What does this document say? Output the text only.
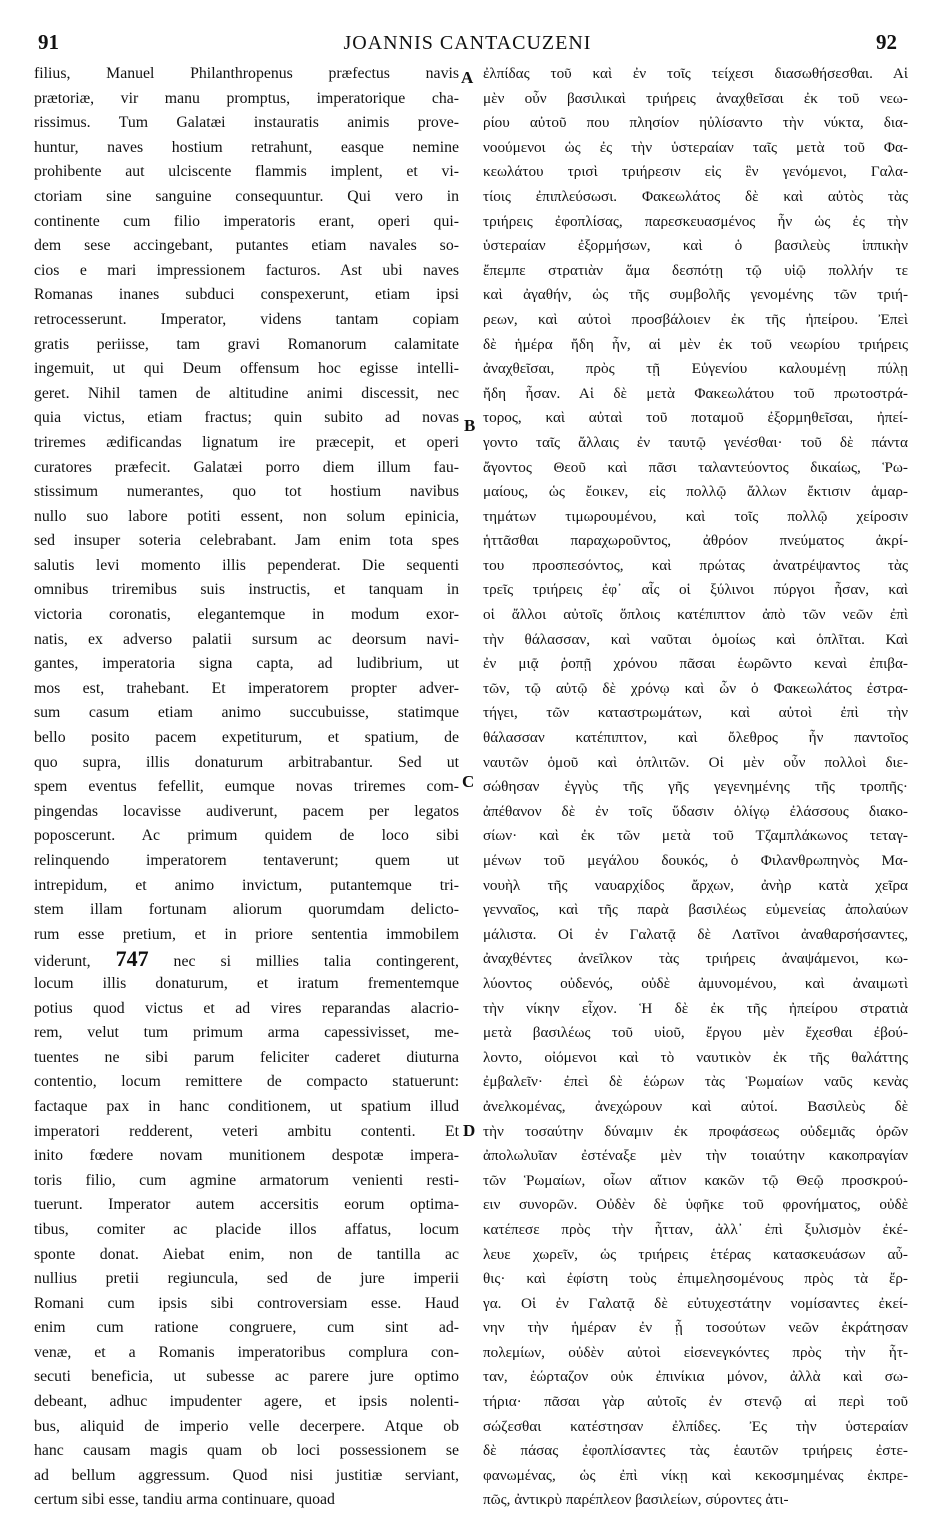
91	JOANNIS CANTACUZENI	92
filius, Manuel Philanthropenus præfectus navis
prætoriæ, vir manu promptus, imperatorique cha-
rissimus. Tum Galatæi instauratis animis prove-
huntur, naves hostium retrahunt, easque nemine
prohibente aut ulciscente flammis implent, et vi-
ctoriam sine sanguine consequuntur. Qui vero in
continente cum filio imperatoris erant, operi qui-
dem sese accingebant, putantes etiam navales so-
cios e mari impressionem facturos. Ast ubi naves
Romanas inanes subduci conspexerunt, etiam ipsi
retrocesserunt. Imperator, videns tantam copiam
gratis periisse, tam gravi Romanorum calamitate
ingemuit, ut qui Deum offensum hoc egisse intelli-
geret. Nihil tamen de altitudine animi discessit, nec
quia victus, etiam fractus; quin subito ad novas
triremes ædificandas lignatum ire præcepit, et operi
curatores præfecit. Galatæi porro diem illum fau-
stissimum numerantes, quo tot hostium navibus
nullo suo labore potiti essent, non solum epinicia,
sed insuper soteria celebrabant. Jam enim tota spes
salutis levi momento illis pependerat. Die sequenti
omnibus triremibus suis instructis, et tanquam in
victoria coronatis, elegantemque in modum exor-
natis, ex adverso palatii sursum ac deorsum navi-
gantes, imperatoria signa capta, ad ludibrium, ut
mos est, trahebant. Et imperatorem propter adver-
sum casum etiam animo succubuisse, statimque
bello posito pacem expetiturum, et spatium, de
quo supra, illis donaturum arbitrabantur. Sed ut
spem eventus fefellit, eumque novas triremes com-
pingendas locavisse audiverunt, pacem per legatos
poposcerunt. Ac primum quidem de loco sibi
relinquendo imperatorem tentaverunt; quem ut
intrepidum, et animo invictum, putantemque tri-
stem illam fortunam aliorum quorumdam delicto-
rum esse pretium, et in priore sententia immobilem
viderunt, 747 nec si millies talia contingerent,
locum illis donaturum, et iratum frementemque
potius quod victus et ad vires reparandas alacrio-
rem, velut tum primum arma capessivisset, me-
tuentes ne sibi parum feliciter caderet diuturna
contentio, locum remittere de compacto statuerunt:
factaque pax in hanc conditionem, ut spatium illud
imperatori redderent, veteri ambitu contenti. Et
inito fœdere novam munitionem despotæ impera-
toris filio, cum agmine armatorum venienti resti-
tuerunt. Imperator autem accersitis eorum optima-
tibus, comiter ac placide illos affatus, locum
sponte donat. Aiebat enim, non de tantilla ac
nullius pretii regiuncula, sed de jure imperii
Romani cum ipsis sibi controversiam esse. Haud
enim cum ratione congruere, cum sint ad-
venæ, et a Romanis imperatoribus complura con-
secuti beneficia, ut subesse ac parere jure optimo
debeant, adhuc impudenter agere, et ipsis nolenti-
bus, aliquid de imperio velle decerpere. Atque ob
hanc causam magis quam ob loci possessionem se
ad bellum aggressum. Quod nisi justitiæ serviant,
certum sibi esse, tandiu arma continuare, quoad
A
B
C
D
ἐλπίδας τοῦ καὶ ἐν τοῖς τείχεσι διασωθήσεσθαι. Αἱ
μὲν οὖν βασιλικαὶ τριήρεις ἀναχθεῖσαι ἐκ τοῦ νεω-
ρίου αὐτοῦ που πλησίον ηὐλίσαντο τὴν νύκτα, δια-
νοούμενοι ὡς ἐς τὴν ὑστεραίαν ταῖς μετὰ τοῦ Φα-
κεωλάτου τρισὶ τριήρεσιν εἰς ἓν γενόμενοι, Γαλα-
τίοις ἐπιπλεύσωσι. Φακεωλάτος δὲ καὶ αὐτὸς τὰς
τριήρεις ἐφοπλίσας, παρεσκευασμένος ἦν ὡς ἐς τὴν
ὑστεραίαν ἐξορμήσων, καὶ ὁ βασιλεὺς ἱππικὴν
ἔπεμπε στρατιὰν ἅμα δεσπότῃ τῷ υἱῷ πολλήν τε
καὶ ἀγαθήν, ὡς τῆς συμβολῆς γενομένης τῶν τριή-
ρεων, καὶ αὐτοὶ προσβάλοιεν ἐκ τῆς ἠπείρου. Ἐπεὶ
δὲ ἡμέρα ἤδη ἦν, αἱ μὲν ἐκ τοῦ νεωρίου τριήρεις
ἀναχθεῖσαι, πρὸς τῇ Εὐγενίου καλουμένῃ πύλῃ
ἤδη ἦσαν. Αἱ δὲ μετὰ Φακεωλάτου τοῦ πρωτοστρά-
τορος, καὶ αὐταὶ τοῦ ποταμοῦ ἐξορμηθεῖσαι, ἠπεί-
γοντο ταῖς ἄλλαις ἐν ταυτῷ γενέσθαι· τοῦ δὲ πάντα
ἄγοντος Θεοῦ καὶ πᾶσι ταλαντεύοντος δικαίως, Ῥω-
μαίους, ὡς ἔοικεν, εἰς πολλῷ ἄλλων ἔκτισιν ἁμαρ-
τημάτων τιμωρουμένου, καὶ τοῖς πολλῷ χείροσιν
ἡττᾶσθαι παραχωροῦντος, ἀθρόον πνεύματος ἀκρί-
του προσπεσόντος, καὶ πρώτας ἀνατρέψαντος τὰς
τρεῖς τριήρεις ἐφ᾿ αἷς οἱ ξύλινοι πύργοι ἦσαν, καὶ
οἱ ἄλλοι αὐτοῖς ὅπλοις κατέπιπτον ἀπὸ τῶν νεῶν ἐπὶ
τὴν θάλασσαν, καὶ ναῦται ὁμοίως καὶ ὁπλῖται. Καὶ
ἐν μιᾷ ῥοπῇ χρόνου πᾶσαι ἑωρῶντο κεναὶ ἐπιβα-
τῶν, τῷ αὐτῷ δὲ χρόνῳ καὶ ὧν ὁ Φακεωλάτος ἐστρα-
τήγει, τῶν καταστρωμάτων, καὶ αὐτοὶ ἐπὶ τὴν
θάλασσαν κατέπιπτον, καὶ ὄλεθρος ἦν παντοῖος
ναυτῶν ὁμοῦ καὶ ὁπλιτῶν. Οἱ μὲν οὖν πολλοὶ διε-
σώθησαν ἐγγὺς τῆς γῆς γεγενημένης τῆς τροπῆς·
ἀπέθανον δὲ ἐν τοῖς ὕδασιν ὀλίγῳ ἐλάσσους διακο-
σίων· καὶ ἐκ τῶν μετὰ τοῦ Τζαμπλάκωνος τεταγ-
μένων τοῦ μεγάλου δουκός, ὁ Φιλανθρωπηνὸς Μα-
νουὴλ τῆς ναυαρχίδος ἄρχων, ἀνὴρ κατὰ χεῖρα
γενναῖος, καὶ τῆς παρὰ βασιλέως εὐμενείας ἀπολαύων
μάλιστα. Οἱ ἐν Γαλατᾷ δὲ Λατῖνοι ἀναθαρσήσαντες,
ἀναχθέντες ἀνεῖλκον τὰς τριήρεις ἀναψάμενοι, κω-
λύοντος οὐδενός, οὐδὲ ἀμυνομένου, καὶ ἀναιμωτὶ
τὴν νίκην εἶχον. Ἡ δὲ ἐκ τῆς ἠπείρου στρατιὰ
μετὰ βασιλέως τοῦ υἱοῦ, ἔργου μὲν ἔχεσθαι ἐβού-
λοντο, οἰόμενοι καὶ τὸ ναυτικὸν ἐκ τῆς θαλάττης
ἐμβαλεῖν· ἐπεὶ δὲ ἑώρων τὰς Ῥωμαίων ναῦς κενὰς
ἀνελκομένας, ἀνεχώρουν καὶ αὐτοί. Βασιλεὺς δὲ
τὴν τοσαύτην δύναμιν ἐκ προφάσεως οὐδεμιᾶς ὁρῶν
ἀπολωλυῖαν ἐστέναξε μὲν τὴν τοιαύτην κακοπραγίαν
τῶν Ῥωμαίων, οἷων αἴτιον κακῶν τῷ Θεῷ προσκρού-
ειν συνορῶν. Οὐδὲν δὲ ὑφῆκε τοῦ φρονήματος, οὐδὲ
κατέπεσε πρὸς τὴν ἧτταν, ἀλλ᾿ ἐπὶ ξυλισμὸν ἐκέ-
λευε χωρεῖν, ὡς τριήρεις ἑτέρας κατασκευάσων αὖ-
θις· καὶ ἐφίστη τοὺς ἐπιμελησομένους πρὸς τὰ ἔρ-
γα. Οἱ ἐν Γαλατᾷ δὲ εὐτυχεστάτην νομίσαντες ἐκεί-
νην τὴν ἡμέραν ἐν ᾗ τοσούτων νεῶν ἐκράτησαν
πολεμίων, οὐδὲν αὐτοὶ εἰσενεγκόντες πρὸς τὴν ἧτ-
ταν, ἑώρταζον οὐκ ἐπινίκια μόνον, ἀλλὰ καὶ σω-
τήρια· πᾶσαι γὰρ αὐτοῖς ἐν στενῷ αἱ περὶ τοῦ
σώζεσθαι κατέστησαν ἐλπίδες. Ἐς τὴν ὑστεραίαν
δὲ πάσας ἐφοπλίσαντες τὰς ἑαυτῶν τριήρεις ἐστε-
φανωμένας, ὡς ἐπὶ νίκῃ καὶ κεκοσμημένας ἐκπρε-
πῶς, ἀντικρὺ παρέπλεον βασιλείων, σύροντες ἀτι-
